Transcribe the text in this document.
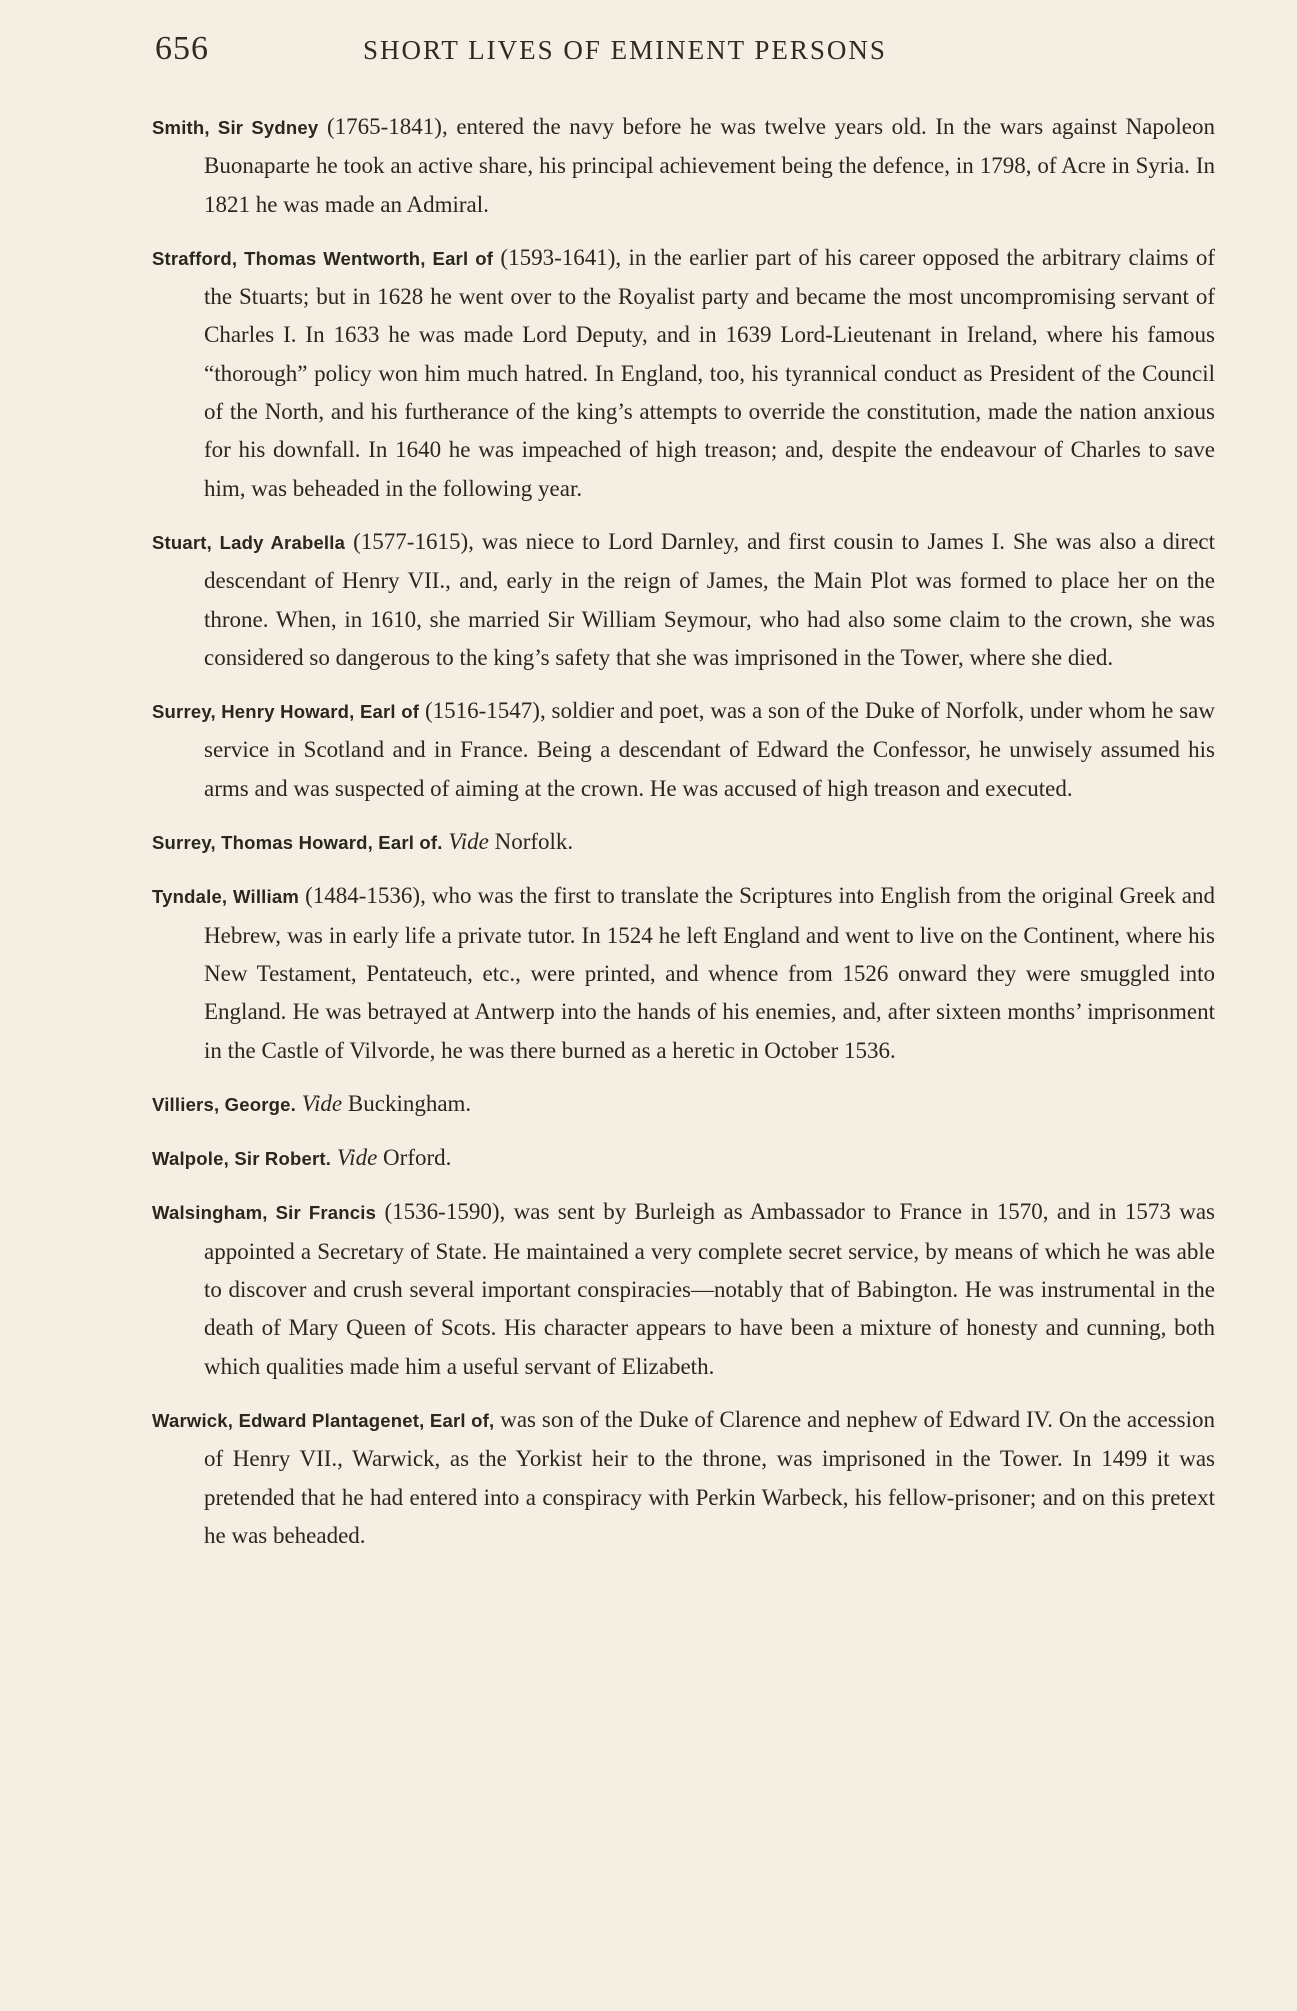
656	SHORT LIVES OF EMINENT PERSONS

Smith, Sir Sydney (1765-1841), entered the navy before he was twelve years old. In the wars against Napoleon Buonaparte he took an active share, his principal achievement being the defence, in 1798, of Acre in Syria. In 1821 he was made an Admiral.

Strafford, Thomas Wentworth, Earl of (1593-1641), in the earlier part of his career opposed the arbitrary claims of the Stuarts; but in 1628 he went over to the Royalist party and became the most uncompromising servant of Charles I. In 1633 he was made Lord Deputy, and in 1639 Lord-Lieutenant in Ireland, where his famous “thorough” policy won him much hatred. In England, too, his tyrannical conduct as President of the Council of the North, and his furtherance of the king’s attempts to override the constitution, made the nation anxious for his downfall. In 1640 he was impeached of high treason; and, despite the endeavour of Charles to save him, was beheaded in the following year.

Stuart, Lady Arabella (1577-1615), was niece to Lord Darnley, and first cousin to James I. She was also a direct descendant of Henry VII., and, early in the reign of James, the Main Plot was formed to place her on the throne. When, in 1610, she married Sir William Seymour, who had also some claim to the crown, she was considered so dangerous to the king’s safety that she was imprisoned in the Tower, where she died.

Surrey, Henry Howard, Earl of (1516-1547), soldier and poet, was a son of the Duke of Norfolk, under whom he saw service in Scotland and in France. Being a descendant of Edward the Confessor, he unwisely assumed his arms and was suspected of aiming at the crown. He was accused of high treason and executed.

Surrey, Thomas Howard, Earl of. Vide Norfolk.

Tyndale, William (1484-1536), who was the first to translate the Scriptures into English from the original Greek and Hebrew, was in early life a private tutor. In 1524 he left England and went to live on the Continent, where his New Testament, Pentateuch, etc., were printed, and whence from 1526 onward they were smuggled into England. He was betrayed at Antwerp into the hands of his enemies, and, after sixteen months’ imprisonment in the Castle of Vilvorde, he was there burned as a heretic in October 1536.

Villiers, George. Vide Buckingham.

Walpole, Sir Robert. Vide Orford.

Walsingham, Sir Francis (1536-1590), was sent by Burleigh as Ambassador to France in 1570, and in 1573 was appointed a Secretary of State. He maintained a very complete secret service, by means of which he was able to discover and crush several important conspiracies—notably that of Babington. He was instrumental in the death of Mary Queen of Scots. His character appears to have been a mixture of honesty and cunning, both which qualities made him a useful servant of Elizabeth.

Warwick, Edward Plantagenet, Earl of, was son of the Duke of Clarence and nephew of Edward IV. On the accession of Henry VII., Warwick, as the Yorkist heir to the throne, was imprisoned in the Tower. In 1499 it was pretended that he had entered into a conspiracy with Perkin Warbeck, his fellow-prisoner; and on this pretext he was beheaded.
